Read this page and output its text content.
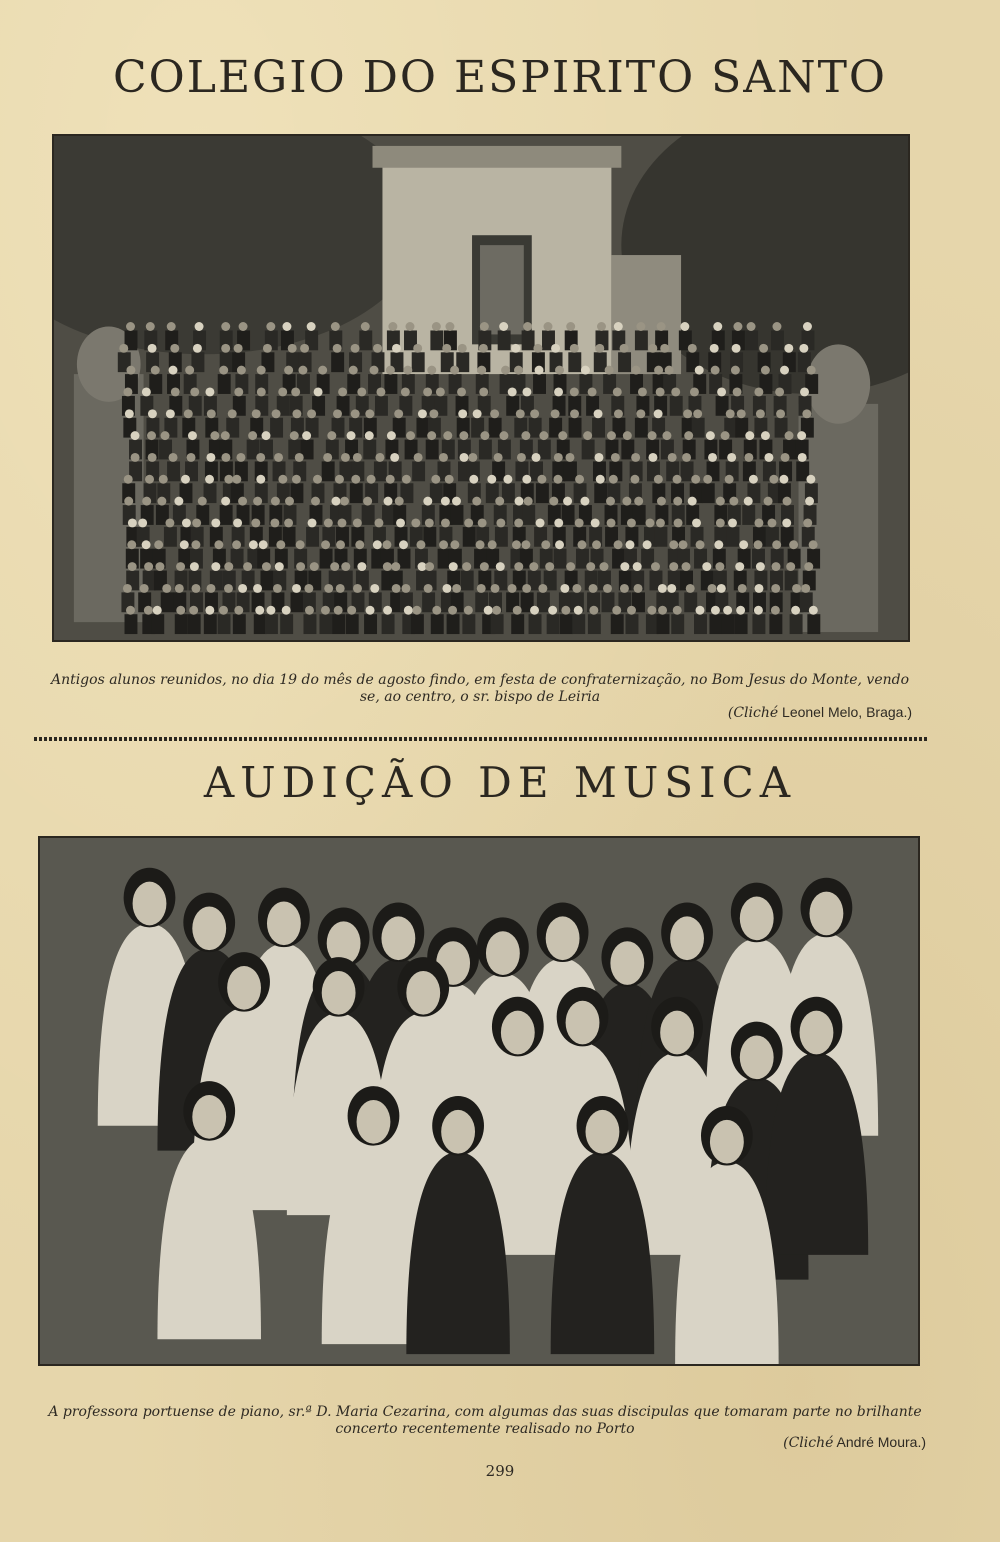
COLEGIO DO ESPIRITO SANTO

Antigos alunos reunidos, no dia 19 do mês de agosto findo, em festa de confraternização, no Bom Jesus do Monte, vendo se, ao centro, o sr. bispo de Leiria

(Cliché Leonel Melo, Braga.)

AUDIÇÃO DE MUSICA

A professora portuense de piano, sr.ª D. Maria Cezarina, com algumas das suas discipulas que tomaram parte no brilhante concerto recentemente realisado no Porto

(Cliché André Moura.)

299
